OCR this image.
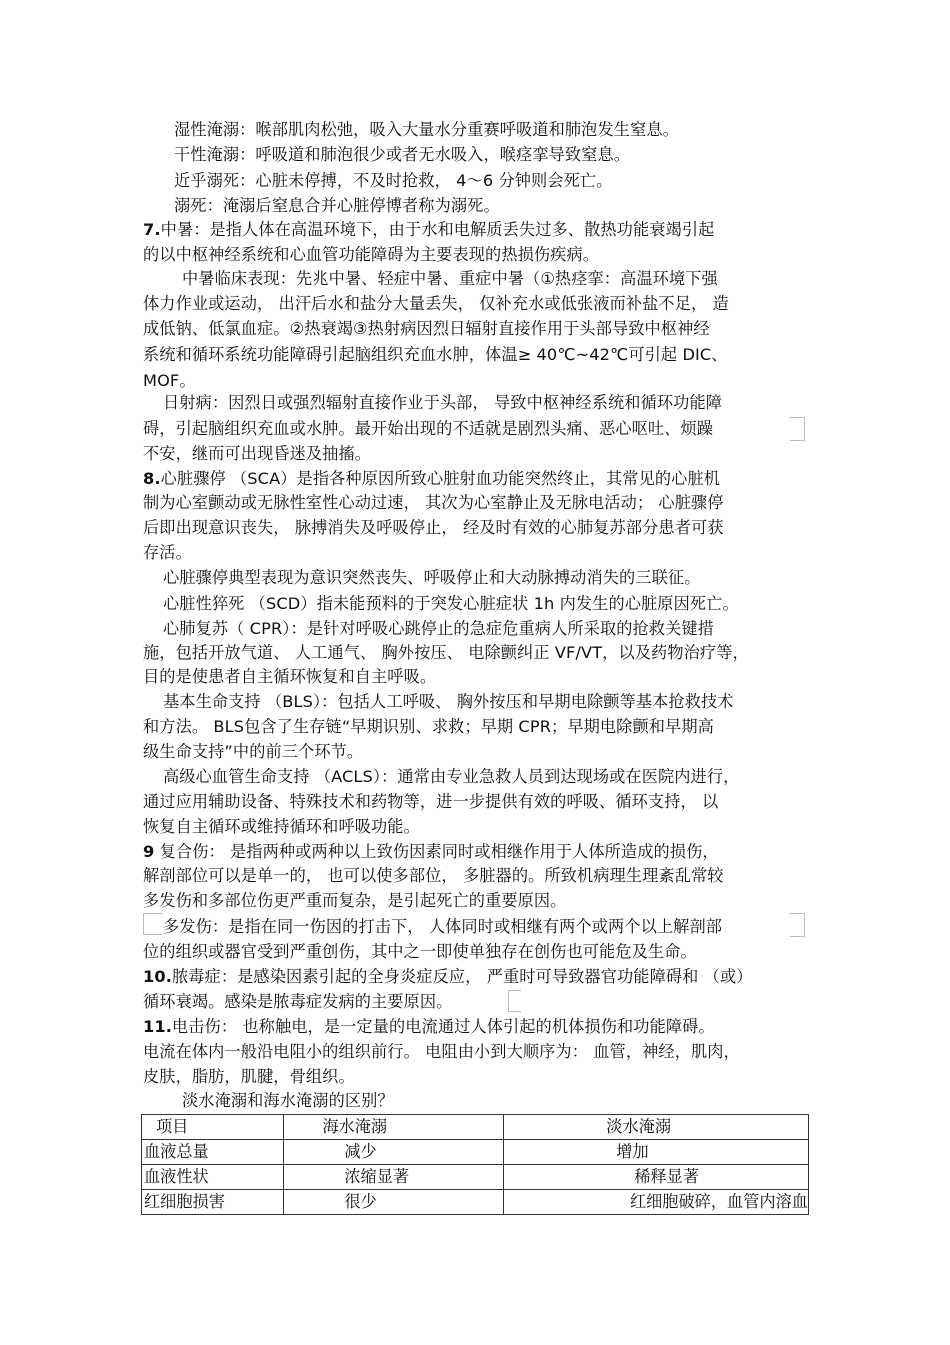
湿性淹溺：喉部肌肉松弛，吸入大量水分重赛呼吸道和肺泡发生窒息。
干性淹溺：呼吸道和肺泡很少或者无水吸入，喉痉挛导致窒息。
近乎溺死：心脏未停搏，不及时抢救， 4～6 分钟则会死亡。
溺死：淹溺后窒息合并心脏停博者称为溺死。
7.中暑：是指人体在高温环境下，由于水和电解质丢失过多、散热功能衰竭引起
的以中枢神经系统和心血管功能障碍为主要表现的热损伤疾病。
中暑临床表现：先兆中暑、轻症中暑、重症中暑（①热痉挛：高温环境下强
体力作业或运动， 出汗后水和盐分大量丢失， 仅补充水或低张液而补盐不足， 造
成低钠、低氯血症。②热衰竭③热射病因烈日辐射直接作用于头部导致中枢神经
系统和循环系统功能障碍引起脑组织充血水肿，体温≥ 40℃~42℃可引起 DIC、
MOF。
日射病：因烈日或强烈辐射直接作业于头部， 导致中枢神经系统和循环功能障
碍，引起脑组织充血或水肿。最开始出现的不适就是剧烈头痛、恶心呕吐、烦躁
不安，继而可出现昏迷及抽搐。
8.心脏骤停 （SCA）是指各种原因所致心脏射血功能突然终止，其常见的心脏机
制为心室颤动或无脉性室性心动过速， 其次为心室静止及无脉电活动； 心脏骤停
后即出现意识丧失， 脉搏消失及呼吸停止， 经及时有效的心肺复苏部分患者可获
存活。
心脏骤停典型表现为意识突然丧失、呼吸停止和大动脉搏动消失的三联征。
心脏性猝死 （SCD）指未能预料的于突发心脏症状 1h 内发生的心脏原因死亡。
心肺复苏（ CPR）：是针对呼吸心跳停止的急症危重病人所采取的抢救关键措
施，包括开放气道、 人工通气、 胸外按压、 电除颤纠正 VF/VT，以及药物治疗等，
目的是使患者自主循环恢复和自主呼吸。
基本生命支持 （BLS）：包括人工呼吸、 胸外按压和早期电除颤等基本抢救技术
和方法。 BLS包含了生存链“早期识别、求救；早期 CPR；早期电除颤和早期高
级生命支持”中的前三个环节。
高级心血管生命支持 （ACLS）：通常由专业急救人员到达现场或在医院内进行，
通过应用辅助设备、特殊技术和药物等，进一步提供有效的呼吸、循环支持， 以
恢复自主循环或维持循环和呼吸功能。
9 复合伤： 是指两种或两种以上致伤因素同时或相继作用于人体所造成的损伤，
解剖部位可以是单一的， 也可以使多部位， 多脏器的。所致机病理生理紊乱常较
多发伤和多部位伤更严重而复杂，是引起死亡的重要原因。
多发伤：是指在同一伤因的打击下， 人体同时或相继有两个或两个以上解剖部
位的组织或器官受到严重创伤，其中之一即使单独存在创伤也可能危及生命。
10.脓毒症：是感染因素引起的全身炎症反应， 严重时可导致器官功能障碍和 （或）
循环衰竭。感染是脓毒症发病的主要原因。
11.电击伤： 也称触电，是一定量的电流通过人体引起的机体损伤和功能障碍。
电流在体内一般沿电阻小的组织前行。 电阻由小到大顺序为： 血管，神经，肌肉，
皮肤，脂肪，肌腱，骨组织。
淡水淹溺和海水淹溺的区别？
项目	海水淹溺	淡水淹溺
血液总量	减少	增加
血液性状	浓缩显著	稀释显著
红细胞损害	很少	红细胞破碎，血管内溶血
